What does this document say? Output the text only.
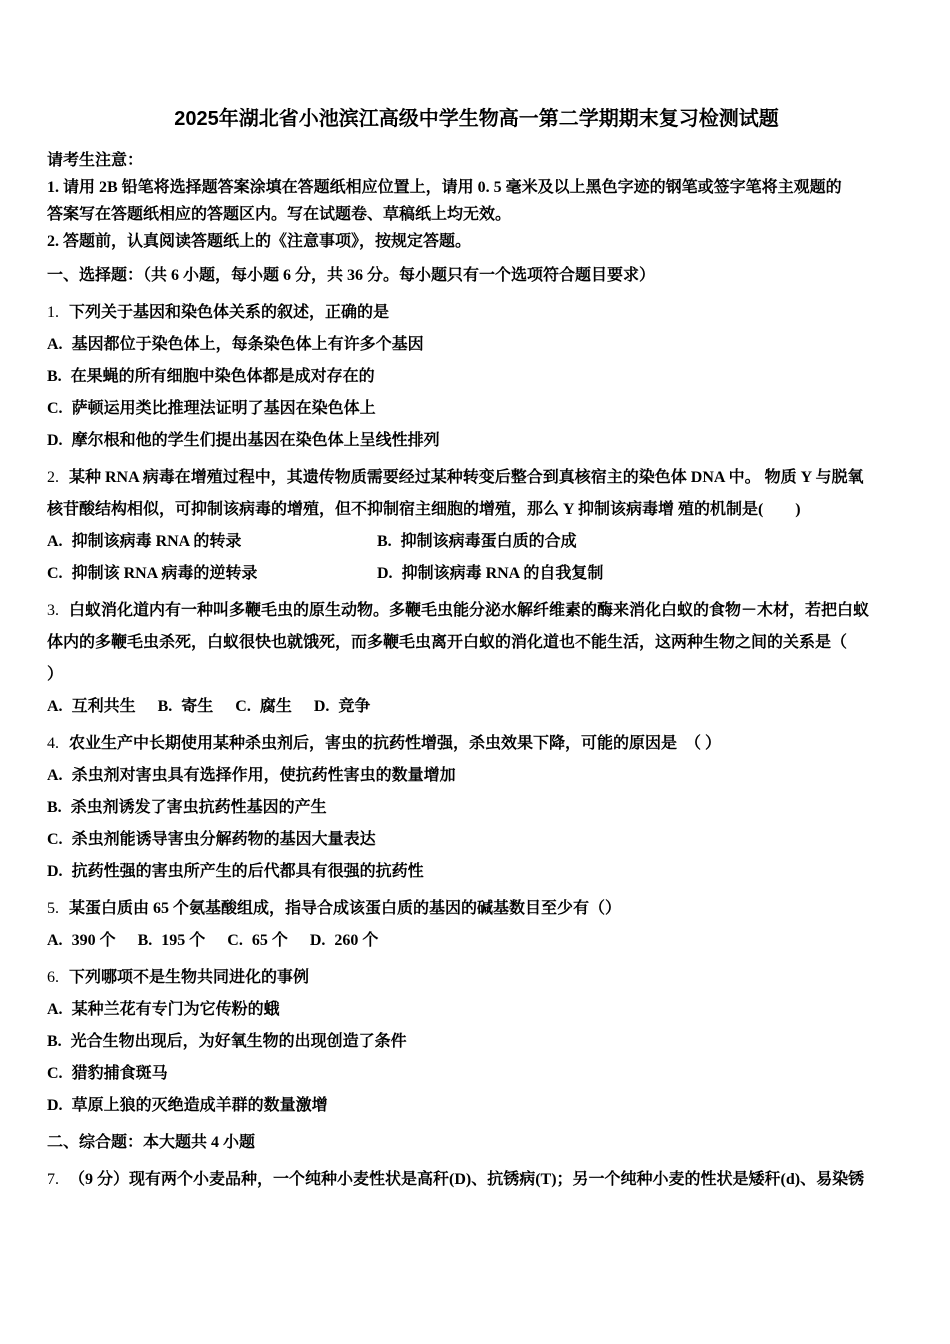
2025年湖北省小池滨江高级中学生物高一第二学期期末复习检测试题

请考生注意：

1. 请用 2B 铅笔将选择题答案涂填在答题纸相应位置上，请用 0. 5 毫米及以上黑色字迹的钢笔或签字笔将主观题的

答案写在答题纸相应的答题区内。写在试题卷、草稿纸上均无效。

2. 答题前，认真阅读答题纸上的《注意事项》，按规定答题。

一、选择题：（共 6 小题，每小题 6 分，共 36 分。每小题只有一个选项符合题目要求）

1. 下列关于基因和染色体关系的叙述，正确的是

A. 基因都位于染色体上，每条染色体上有许多个基因

B. 在果蝇的所有细胞中染色体都是成对存在的

C. 萨顿运用类比推理法证明了基因在染色体上

D. 摩尔根和他的学生们提出基因在染色体上呈线性排列

2. 某种 RNA 病毒在增殖过程中，其遗传物质需要经过某种转变后整合到真核宿主的染色体 DNA 中。 物质 Y 与脱氧

核苷酸结构相似，可抑制该病毒的增殖，但不抑制宿主细胞的增殖，那么 Y 抑制该病毒增 殖的机制是(        )

A. 抑制该病毒 RNA 的转录	B. 抑制该病毒蛋白质的合成

C. 抑制该 RNA 病毒的逆转录	D. 抑制该病毒 RNA 的自我复制

3. 白蚁消化道内有一种叫多鞭毛虫的原生动物。多鞭毛虫能分泌水解纤维素的酶来消化白蚁的食物－木材，若把白蚁

体内的多鞭毛虫杀死，白蚁很快也就饿死，而多鞭毛虫离开白蚁的消化道也不能生活，这两种生物之间的关系是（

）

A. 互利共生 B. 寄生 C. 腐生 D. 竞争

4. 农业生产中长期使用某种杀虫剂后，害虫的抗药性增强，杀虫效果下降，可能的原因是  （ ）

A. 杀虫剂对害虫具有选择作用，使抗药性害虫的数量增加

B. 杀虫剂诱发了害虫抗药性基因的产生

C. 杀虫剂能诱导害虫分解药物的基因大量表达

D. 抗药性强的害虫所产生的后代都具有很强的抗药性

5. 某蛋白质由 65 个氨基酸组成，指导合成该蛋白质的基因的碱基数目至少有（）

A. 390 个 B. 195 个 C. 65 个 D. 260 个

6. 下列哪项不是生物共同进化的事例

A. 某种兰花有专门为它传粉的蛾

B. 光合生物出现后，为好氧生物的出现创造了条件

C. 猎豹捕食斑马

D. 草原上狼的灭绝造成羊群的数量激增

二、综合题：本大题共 4 小题

7. （9 分）现有两个小麦品种，一个纯种小麦性状是高秆(D)、抗锈病(T)；另一个纯种小麦的性状是矮秆(d)、易染锈
